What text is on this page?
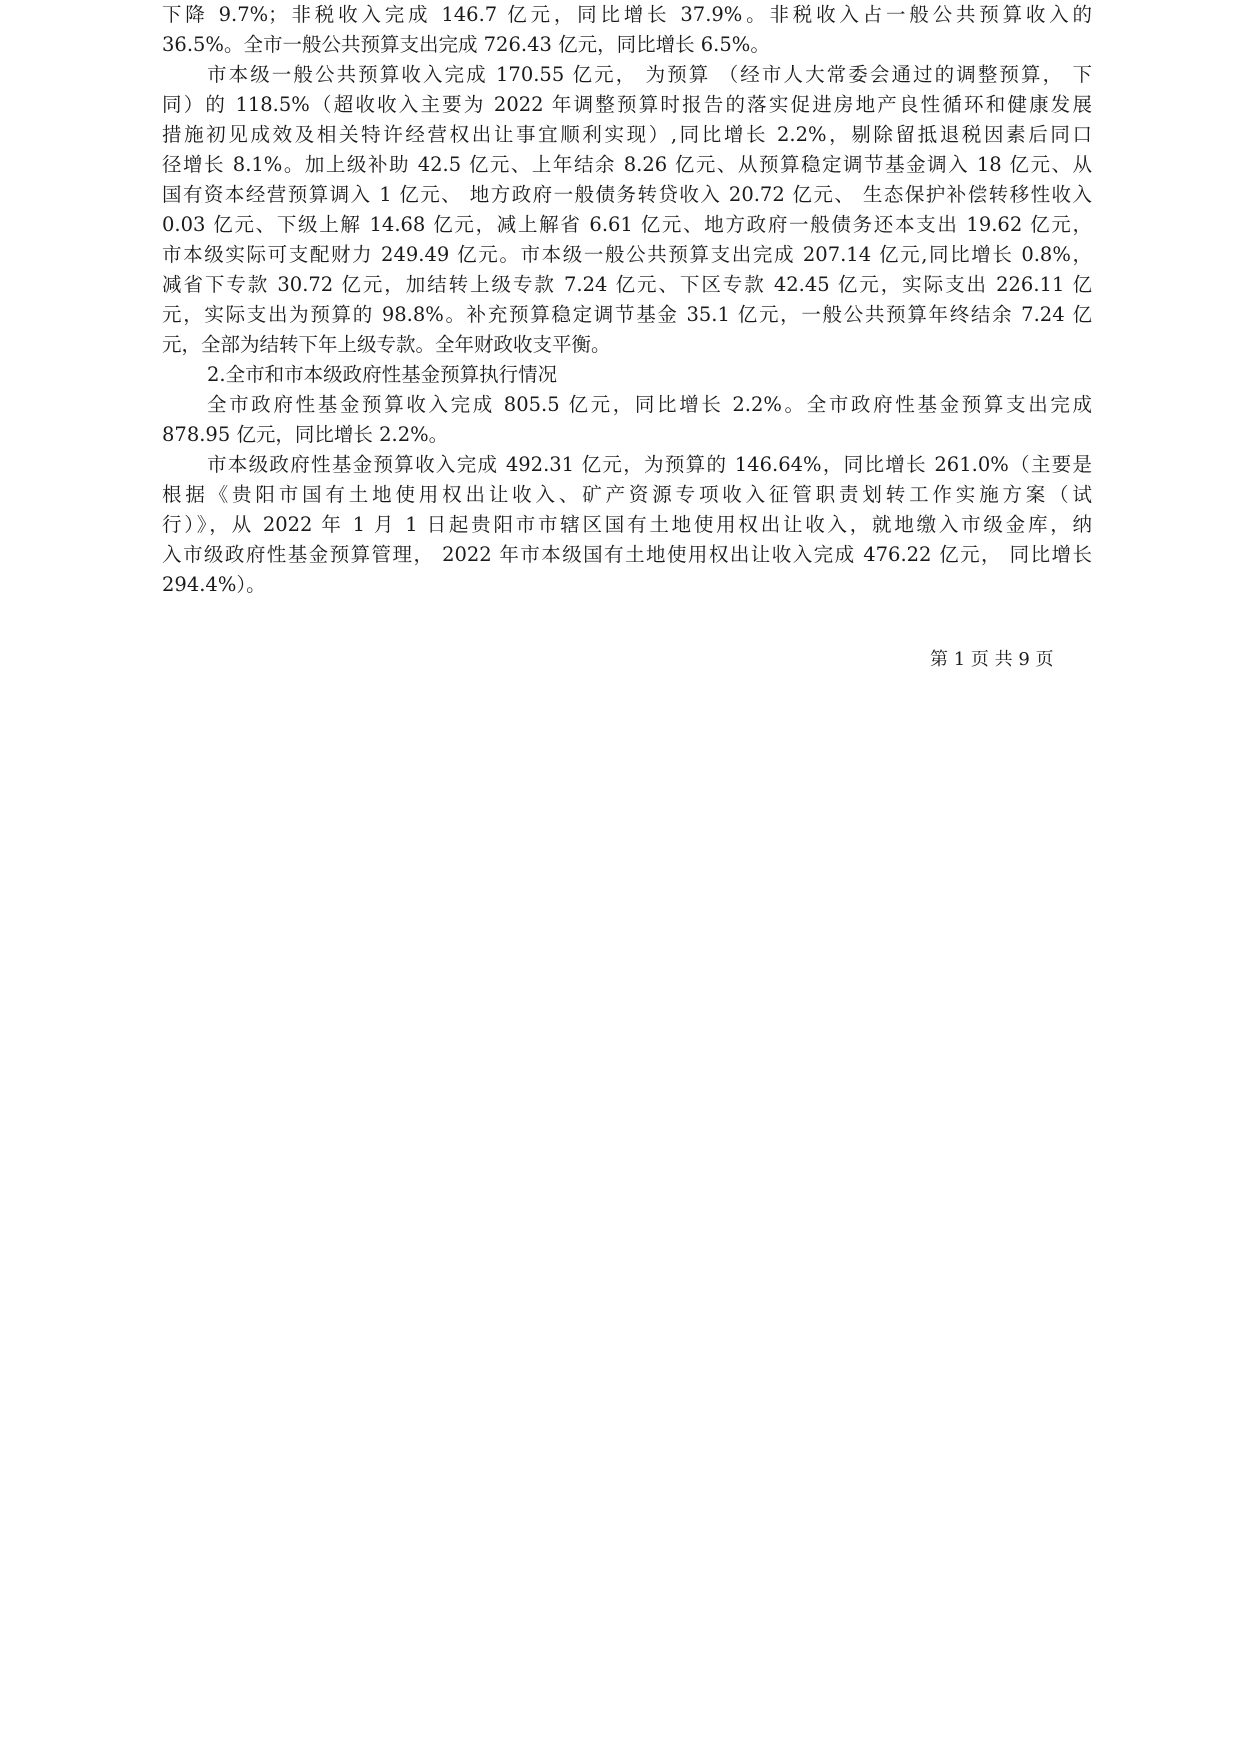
下降 9.7%；非税收入完成 146.7 亿元，同比增长 37.9%。非税收入占一般公共预算收入的
36.5%。全市一般公共预算支出完成 726.43 亿元，同比增长 6.5%。
市本级一般公共预算收入完成 170.55 亿元， 为预算 （经市人大常委会通过的调整预算， 下
同）的 118.5%（超收收入主要为 2022 年调整预算时报告的落实促进房地产良性循环和健康发展
措施初见成效及相关特许经营权出让事宜顺利实现）,同比增长 2.2%，剔除留抵退税因素后同口
径增长 8.1%。加上级补助 42.5 亿元、上年结余 8.26 亿元、从预算稳定调节基金调入 18 亿元、从
国有资本经营预算调入 1 亿元、 地方政府一般债务转贷收入 20.72 亿元、 生态保护补偿转移性收入
0.03 亿元、下级上解 14.68 亿元，减上解省 6.61 亿元、地方政府一般债务还本支出 19.62 亿元，
市本级实际可支配财力 249.49 亿元。市本级一般公共预算支出完成 207.14 亿元,同比增长 0.8%，
减省下专款 30.72 亿元，加结转上级专款 7.24 亿元、下区专款 42.45 亿元，实际支出 226.11 亿
元，实际支出为预算的 98.8%。补充预算稳定调节基金 35.1 亿元，一般公共预算年终结余 7.24 亿
元，全部为结转下年上级专款。全年财政收支平衡。
2.全市和市本级政府性基金预算执行情况
全市政府性基金预算收入完成 805.5 亿元，同比增长 2.2%。全市政府性基金预算支出完成
878.95 亿元，同比增长 2.2%。
市本级政府性基金预算收入完成 492.31 亿元，为预算的 146.64%，同比增长 261.0%（主要是
根据《贵阳市国有土地使用权出让收入、矿产资源专项收入征管职责划转工作实施方案（试
行）》，从 2022 年 1 月 1 日起贵阳市市辖区国有土地使用权出让收入，就地缴入市级金库，纳
入市级政府性基金预算管理， 2022 年市本级国有土地使用权出让收入完成 476.22 亿元， 同比增长
294.4%）。
第 1 页 共 9 页
